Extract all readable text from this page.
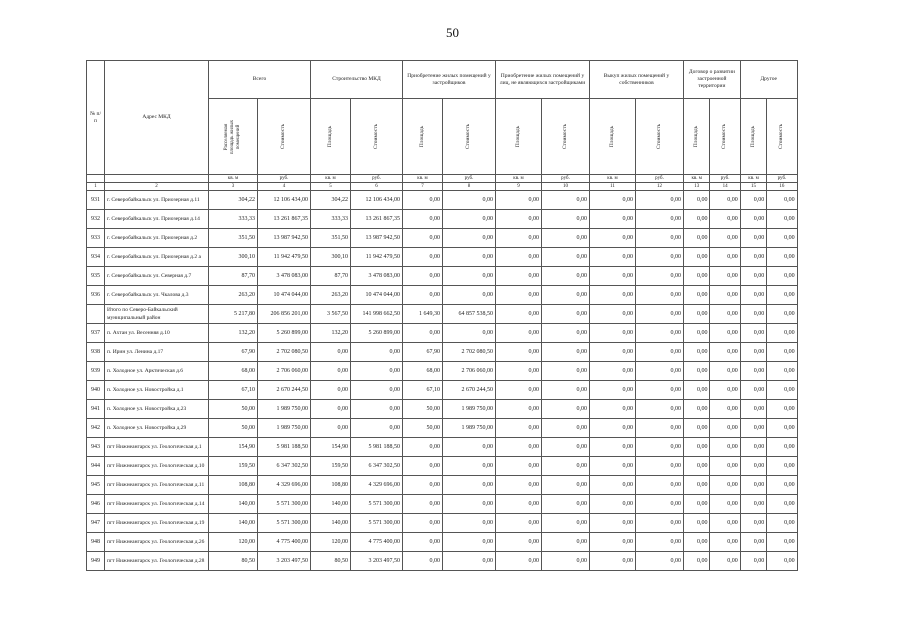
50
№ п/п	Адрес МКД	Всего		Строительство МКД		Приобретение жилых помещений у застройщиков		Приобретение жилых помещений у лиц, не являющихся застройщиками		Выкуп жилых помещений у собственников		Договор о развитии застроенной территории		Другое	
		Расселяемая площадь жилых помещений	Стоимость	Площадь	Стоимость	Площадь	Стоимость	Площадь	Стоимость	Площадь	Стоимость	Площадь	Стоимость	Площадь	Стоимость
		кв. м	руб.	кв. м	руб.	кв. м	руб.	кв. м	руб.	кв. м	руб.	кв. м	руб.	кв. м	руб.
1	2	3	4	5	6	7	8	9	10	11	12	13	14	15	16
931	г. Северобайкальск ул. Приозерная д.11	304,22	12 106 434,00	304,22	12 106 434,00	0,00	0,00	0,00	0,00	0,00	0,00	0,00	0,00	0,00	0,00
932	г. Северобайкальск ул. Приозерная д.14	333,33	13 261 867,35	333,33	13 261 867,35	0,00	0,00	0,00	0,00	0,00	0,00	0,00	0,00	0,00	0,00
933	г. Северобайкальск ул. Приозерная д.2	351,50	13 987 942,50	351,50	13 987 942,50	0,00	0,00	0,00	0,00	0,00	0,00	0,00	0,00	0,00	0,00
934	г. Северобайкальск ул. Приозерная д.2 а	300,10	11 942 479,50	300,10	11 942 479,50	0,00	0,00	0,00	0,00	0,00	0,00	0,00	0,00	0,00	0,00
935	г. Северобайкальск ул. Северная д.7	87,70	3 478 083,00	87,70	3 478 083,00	0,00	0,00	0,00	0,00	0,00	0,00	0,00	0,00	0,00	0,00
936	г. Северобайкальск ул. Чкалова д.3	263,20	10 474 044,00	263,20	10 474 044,00	0,00	0,00	0,00	0,00	0,00	0,00	0,00	0,00	0,00	0,00
	Итого по Северо-Байкальский муниципальный район	5 217,80	206 856 201,00	3 567,50	141 998 662,50	1 649,30	64 857 538,50	0,00	0,00	0,00	0,00	0,00	0,00	0,00	0,00
937	п. Ахтан ул. Весенняя д.10	132,20	5 260 899,00	132,20	5 260 899,00	0,00	0,00	0,00	0,00	0,00	0,00	0,00	0,00	0,00	0,00
938	п. Ирин ул. Ленина д.17	67,90	2 702 080,50	0,00	0,00	67,90	2 702 080,50	0,00	0,00	0,00	0,00	0,00	0,00	0,00	0,00
939	п. Холодное ул. Арктическая д.6	68,00	2 706 060,00	0,00	0,00	68,00	2 706 060,00	0,00	0,00	0,00	0,00	0,00	0,00	0,00	0,00
940	п. Холодное ул. Новостройка д.1	67,10	2 670 244,50	0,00	0,00	67,10	2 670 244,50	0,00	0,00	0,00	0,00	0,00	0,00	0,00	0,00
941	п. Холодное ул. Новостройка д.23	50,00	1 989 750,00	0,00	0,00	50,00	1 989 750,00	0,00	0,00	0,00	0,00	0,00	0,00	0,00	0,00
942	п. Холодное ул. Новостройка д.29	50,00	1 989 750,00	0,00	0,00	50,00	1 989 750,00	0,00	0,00	0,00	0,00	0,00	0,00	0,00	0,00
943	пгт Нижнеангарск ул. Геологическая д.1	154,90	5 981 188,50	154,90	5 981 188,50	0,00	0,00	0,00	0,00	0,00	0,00	0,00	0,00	0,00	0,00
944	пгт Нижнеангарск ул. Геологическая д.10	159,50	6 347 302,50	159,50	6 347 302,50	0,00	0,00	0,00	0,00	0,00	0,00	0,00	0,00	0,00	0,00
945	пгт Нижнеангарск ул. Геологическая д.11	108,80	4 329 696,00	108,80	4 329 696,00	0,00	0,00	0,00	0,00	0,00	0,00	0,00	0,00	0,00	0,00
946	пгт Нижнеангарск ул. Геологическая д.14	140,00	5 571 300,00	140,00	5 571 300,00	0,00	0,00	0,00	0,00	0,00	0,00	0,00	0,00	0,00	0,00
947	пгт Нижнеангарск ул. Геологическая д.19	140,00	5 571 300,00	140,00	5 571 300,00	0,00	0,00	0,00	0,00	0,00	0,00	0,00	0,00	0,00	0,00
948	пгт Нижнеангарск ул. Геологическая д.26	120,00	4 775 400,00	120,00	4 775 400,00	0,00	0,00	0,00	0,00	0,00	0,00	0,00	0,00	0,00	0,00
949	пгт Нижнеангарск ул. Геологическая д.28	80,50	3 203 497,50	80,50	3 203 497,50	0,00	0,00	0,00	0,00	0,00	0,00	0,00	0,00	0,00	0,00
